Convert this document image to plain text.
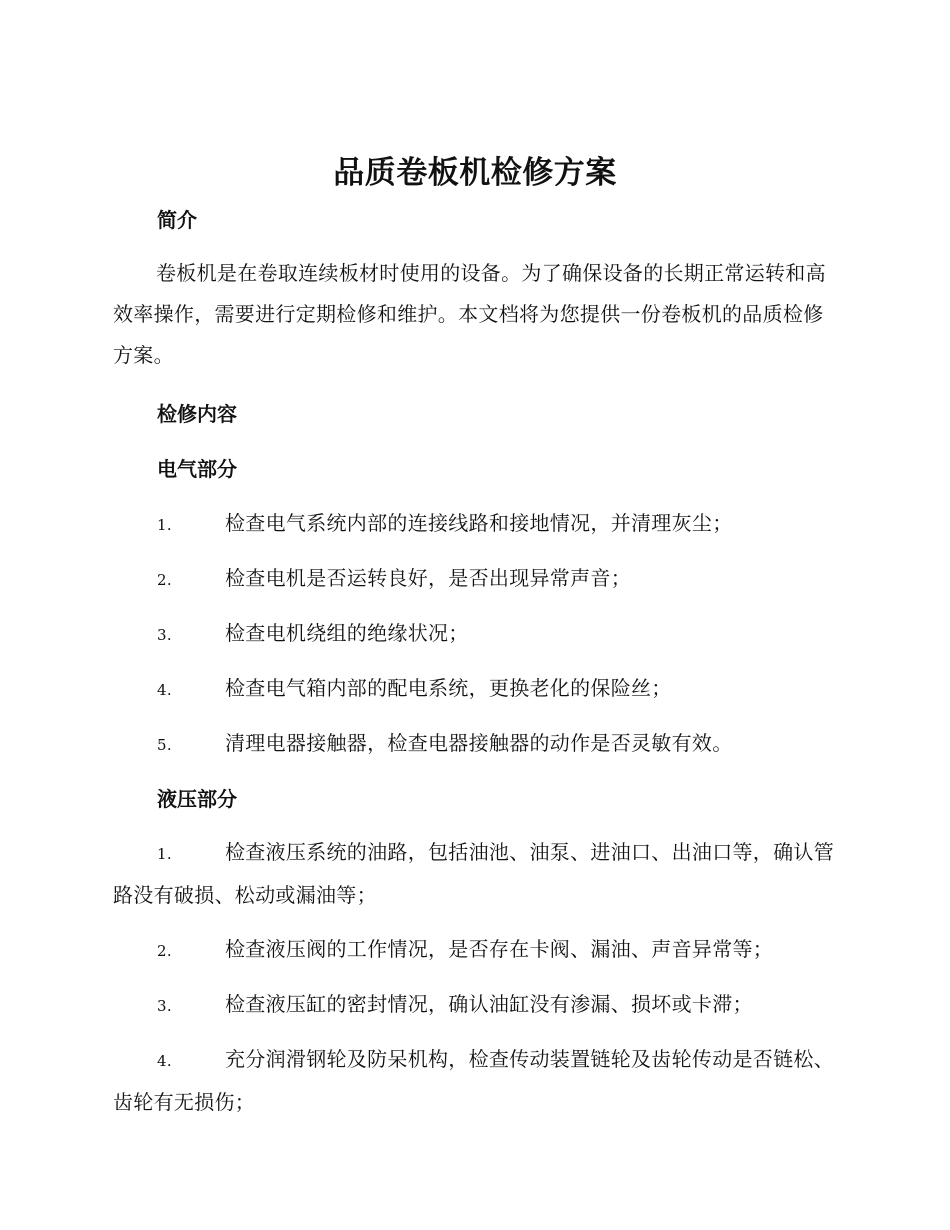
品质卷板机检修方案
简介

卷板机是在卷取连续板材时使用的设备。为了确保设备的长期正常运转和高效率操作，需要进行定期检修和维护。本文档将为您提供一份卷板机的品质检修方案。

检修内容
电气部分
1.	检查电气系统内部的连接线路和接地情况，并清理灰尘；
2.	检查电机是否运转良好，是否出现异常声音；
3.	检查电机绕组的绝缘状况；
4.	检查电气箱内部的配电系统，更换老化的保险丝；
5.	清理电器接触器，检查电器接触器的动作是否灵敏有效。
液压部分
1.	检查液压系统的油路，包括油池、油泵、进油口、出油口等，确认管路没有破损、松动或漏油等；
2.	检查液压阀的工作情况，是否存在卡阀、漏油、声音异常等；
3.	检查液压缸的密封情况，确认油缸没有渗漏、损坏或卡滞；
4.	充分润滑钢轮及防呆机构，检查传动装置链轮及齿轮传动是否链松、齿轮有无损伤；
